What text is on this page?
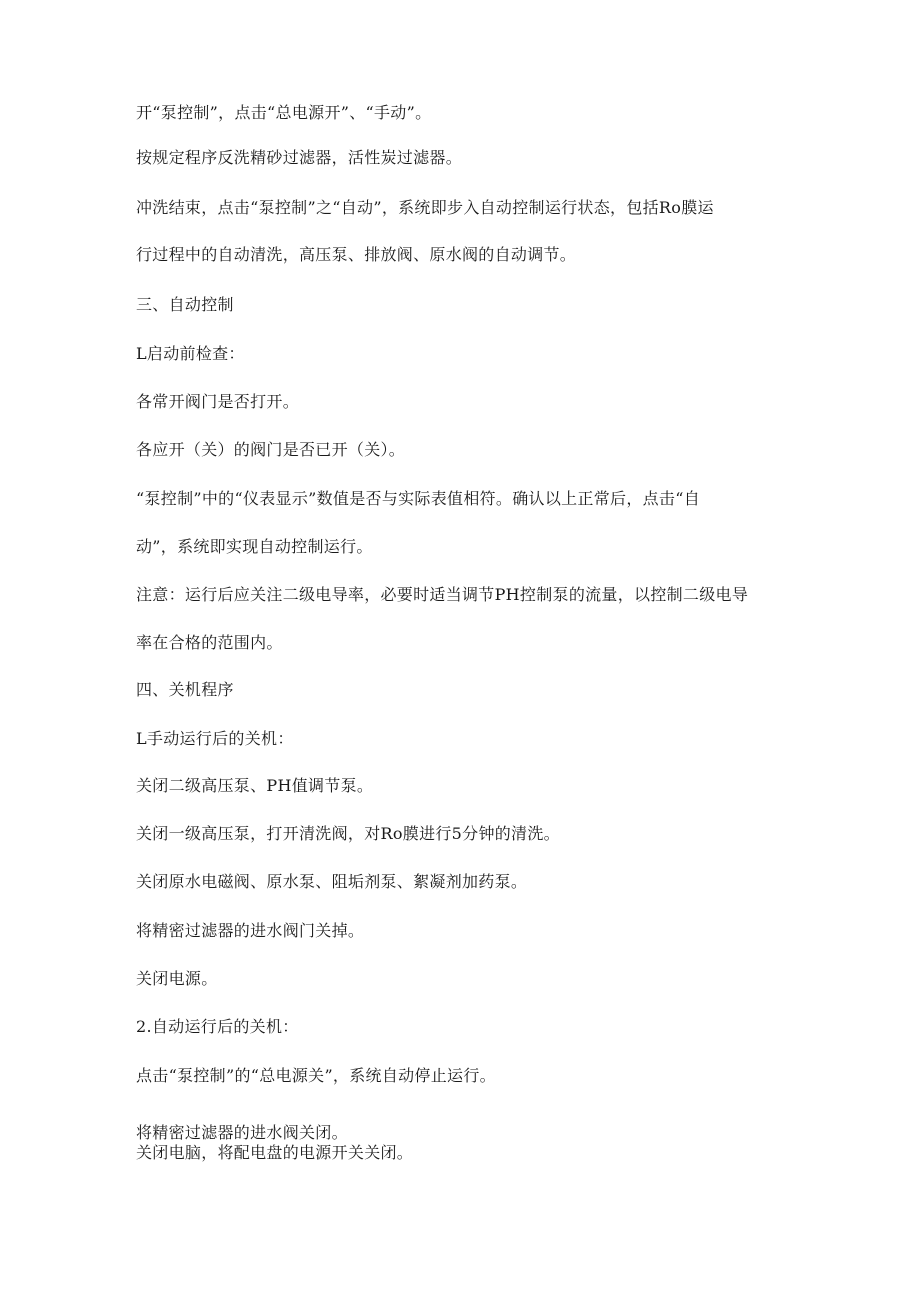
开“泵控制”，点击“总电源开”、“手动”。

按规定程序反洗精砂过滤器，活性炭过滤器。

冲洗结束，点击“泵控制”之“自动”，系统即步入自动控制运行状态，包括Ro膜运

行过程中的自动清洗，高压泵、排放阀、原水阀的自动调节。

三、自动控制

L启动前检查：

各常开阀门是否打开。

各应开（关）的阀门是否已开（关）。

“泵控制”中的“仪表显示”数值是否与实际表值相符。确认以上正常后，点击“自

动”，系统即实现自动控制运行。

注意：运行后应关注二级电导率，必要时适当调节PH控制泵的流量，以控制二级电导

率在合格的范围内。

四、关机程序

L手动运行后的关机：

关闭二级高压泵、PH值调节泵。

关闭一级高压泵，打开清洗阀，对Ro膜进行5分钟的清洗。

关闭原水电磁阀、原水泵、阻垢剂泵、絮凝剂加药泵。

将精密过滤器的进水阀门关掉。

关闭电源。

2.自动运行后的关机：

点击“泵控制”的“总电源关”，系统自动停止运行。

将精密过滤器的进水阀关闭。

关闭电脑，将配电盘的电源开关关闭。
